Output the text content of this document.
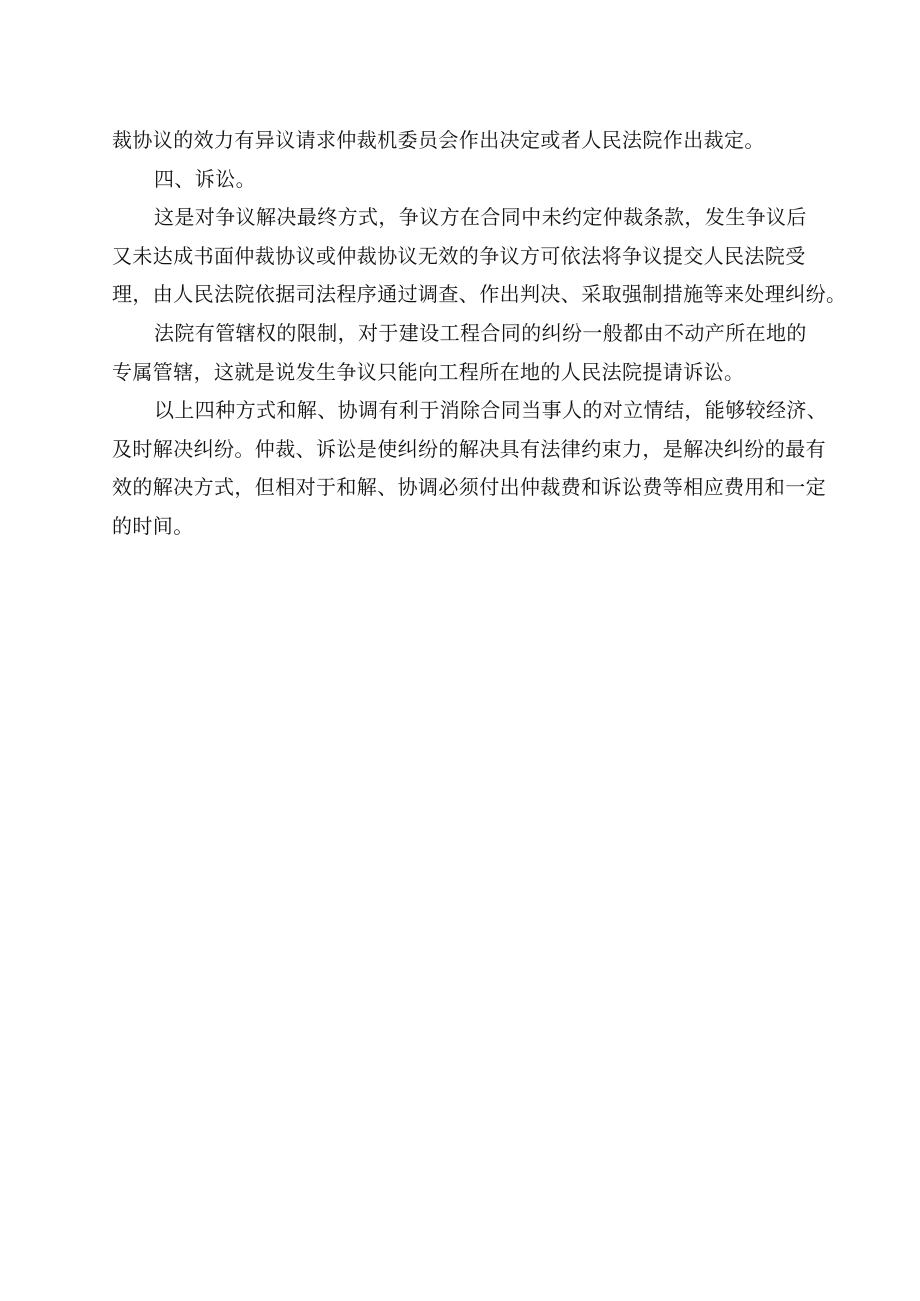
裁协议的效力有异议请求仲裁机委员会作出决定或者人民法院作出裁定。
四、诉讼。
这是对争议解决最终方式，争议方在合同中未约定仲裁条款，发生争议后
又未达成书面仲裁协议或仲裁协议无效的争议方可依法将争议提交人民法院受
理，由人民法院依据司法程序通过调查、作出判决、采取强制措施等来处理纠纷。
法院有管辖权的限制，对于建设工程合同的纠纷一般都由不动产所在地的
专属管辖，这就是说发生争议只能向工程所在地的人民法院提请诉讼。
以上四种方式和解、协调有利于消除合同当事人的对立情结，能够较经济、
及时解决纠纷。仲裁、诉讼是使纠纷的解决具有法律约束力，是解决纠纷的最有
效的解决方式，但相对于和解、协调必须付出仲裁费和诉讼费等相应费用和一定
的时间。
